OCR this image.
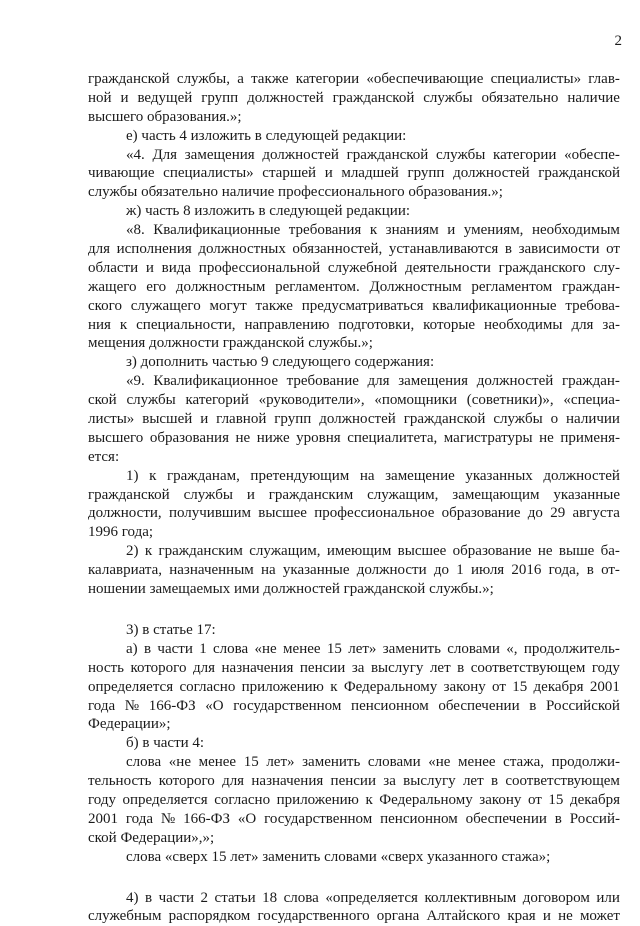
2
гражданской службы, а также категории «обеспечивающие специалисты» глав-
ной и ведущей групп должностей гражданской службы обязательно наличие
высшего образования.»;
е) часть 4 изложить в следующей редакции:
«4. Для замещения должностей гражданской службы категории «обеспе-
чивающие специалисты» старшей и младшей групп должностей гражданской
службы обязательно наличие профессионального образования.»;
ж) часть 8 изложить в следующей редакции:
«8. Квалификационные требования к знаниям и умениям, необходимым
для исполнения должностных обязанностей, устанавливаются в зависимости от
области и вида профессиональной служебной деятельности гражданского слу-
жащего его должностным регламентом. Должностным регламентом граждан-
ского служащего могут также предусматриваться квалификационные требова-
ния к специальности, направлению подготовки, которые необходимы для за-
мещения должности гражданской службы.»;
з) дополнить частью 9 следующего содержания:
«9. Квалификационное требование для замещения должностей граждан-
ской службы категорий «руководители», «помощники (советники)», «специа-
листы» высшей и главной групп должностей гражданской службы о наличии
высшего образования не ниже уровня специалитета, магистратуры не применя-
ется:
1) к гражданам, претендующим на замещение указанных должностей
гражданской службы и гражданским служащим, замещающим указанные
должности, получившим высшее профессиональное образование до 29 августа
1996 года;
2) к гражданским служащим, имеющим высшее образование не выше ба-
калавриата, назначенным на указанные должности до 1 июля 2016 года, в от-
ношении замещаемых ими должностей гражданской службы.»;
3) в статье 17:
а) в части 1 слова «не менее 15 лет» заменить словами «, продолжитель-
ность которого для назначения пенсии за выслугу лет в соответствующем году
определяется согласно приложению к Федеральному закону от 15 декабря 2001
года № 166-ФЗ «О государственном пенсионном обеспечении в Российской
Федерации»;
б) в части 4:
слова «не менее 15 лет» заменить словами «не менее стажа, продолжи-
тельность которого для назначения пенсии за выслугу лет в соответствующем
году определяется согласно приложению к Федеральному закону от 15 декабря
2001 года № 166-ФЗ «О государственном пенсионном обеспечении в Россий-
ской Федерации»,»;
слова «сверх 15 лет» заменить словами «сверх указанного стажа»;
4) в части 2 статьи 18 слова «определяется коллективным договором или
служебным распорядком государственного органа Алтайского края и не может
